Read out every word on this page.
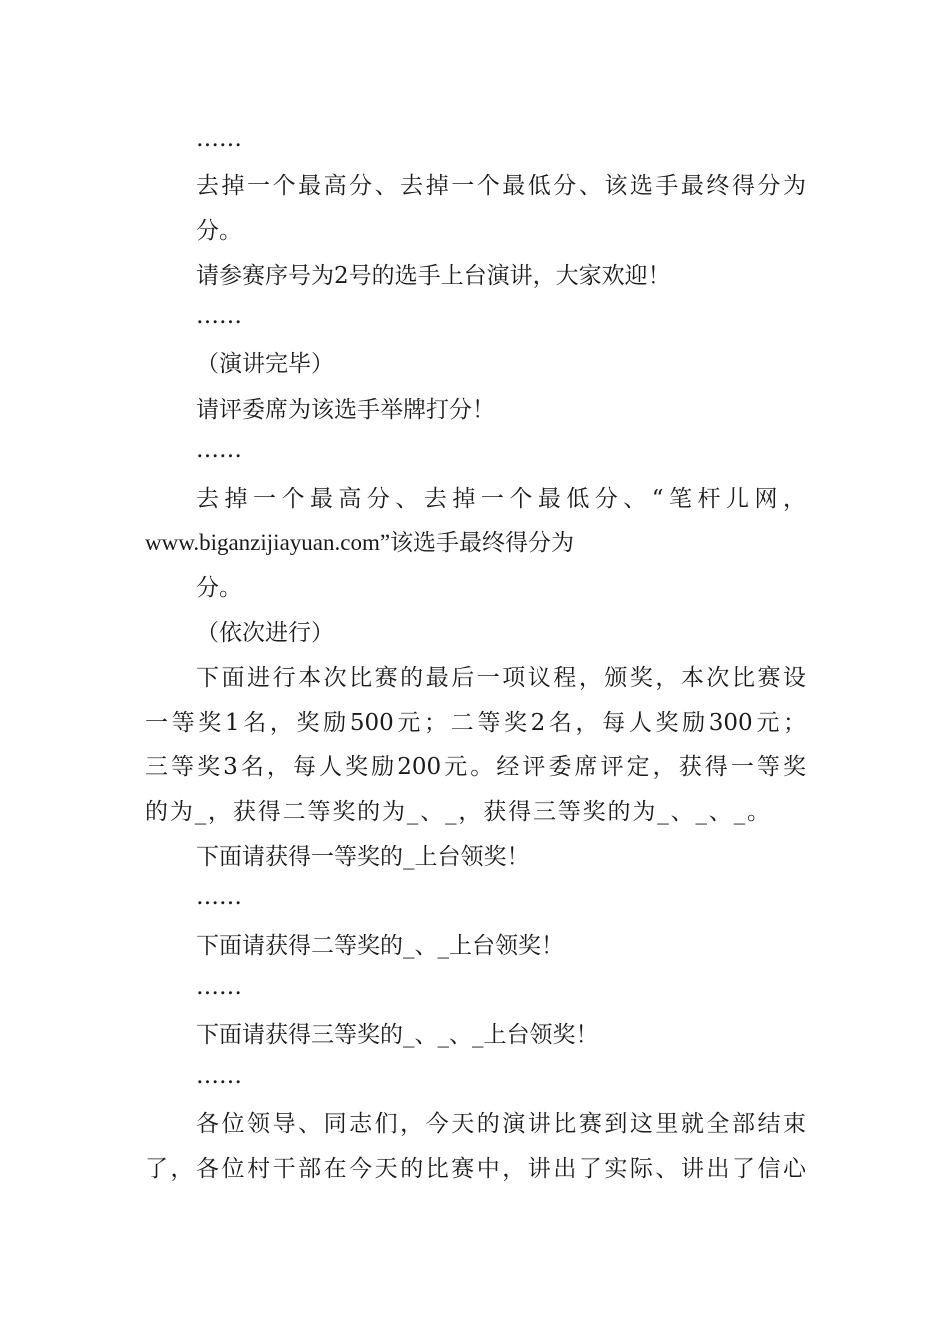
……
去掉一个最高分、去掉一个最低分、该选手最终得分为
分。
请参赛序号为2号的选手上台演讲，大家欢迎！
……
（演讲完毕）
请评委席为该选手举牌打分！
……
去掉一个最高分、去掉一个最低分、“笔杆儿网，
www.biganzijiayuan.com”该选手最终得分为
分。
（依次进行）
下面进行本次比赛的最后一项议程，颁奖，本次比赛设
一等奖1名，奖励500元；二等奖2名，每人奖励300元；
三等奖3名，每人奖励200元。经评委席评定，获得一等奖
的为_，获得二等奖的为_、_，获得三等奖的为_、_、_。
下面请获得一等奖的_上台领奖！
……
下面请获得二等奖的_、_上台领奖！
……
下面请获得三等奖的_、_、_上台领奖！
……
各位领导、同志们，今天的演讲比赛到这里就全部结束
了，各位村干部在今天的比赛中，讲出了实际、讲出了信心
